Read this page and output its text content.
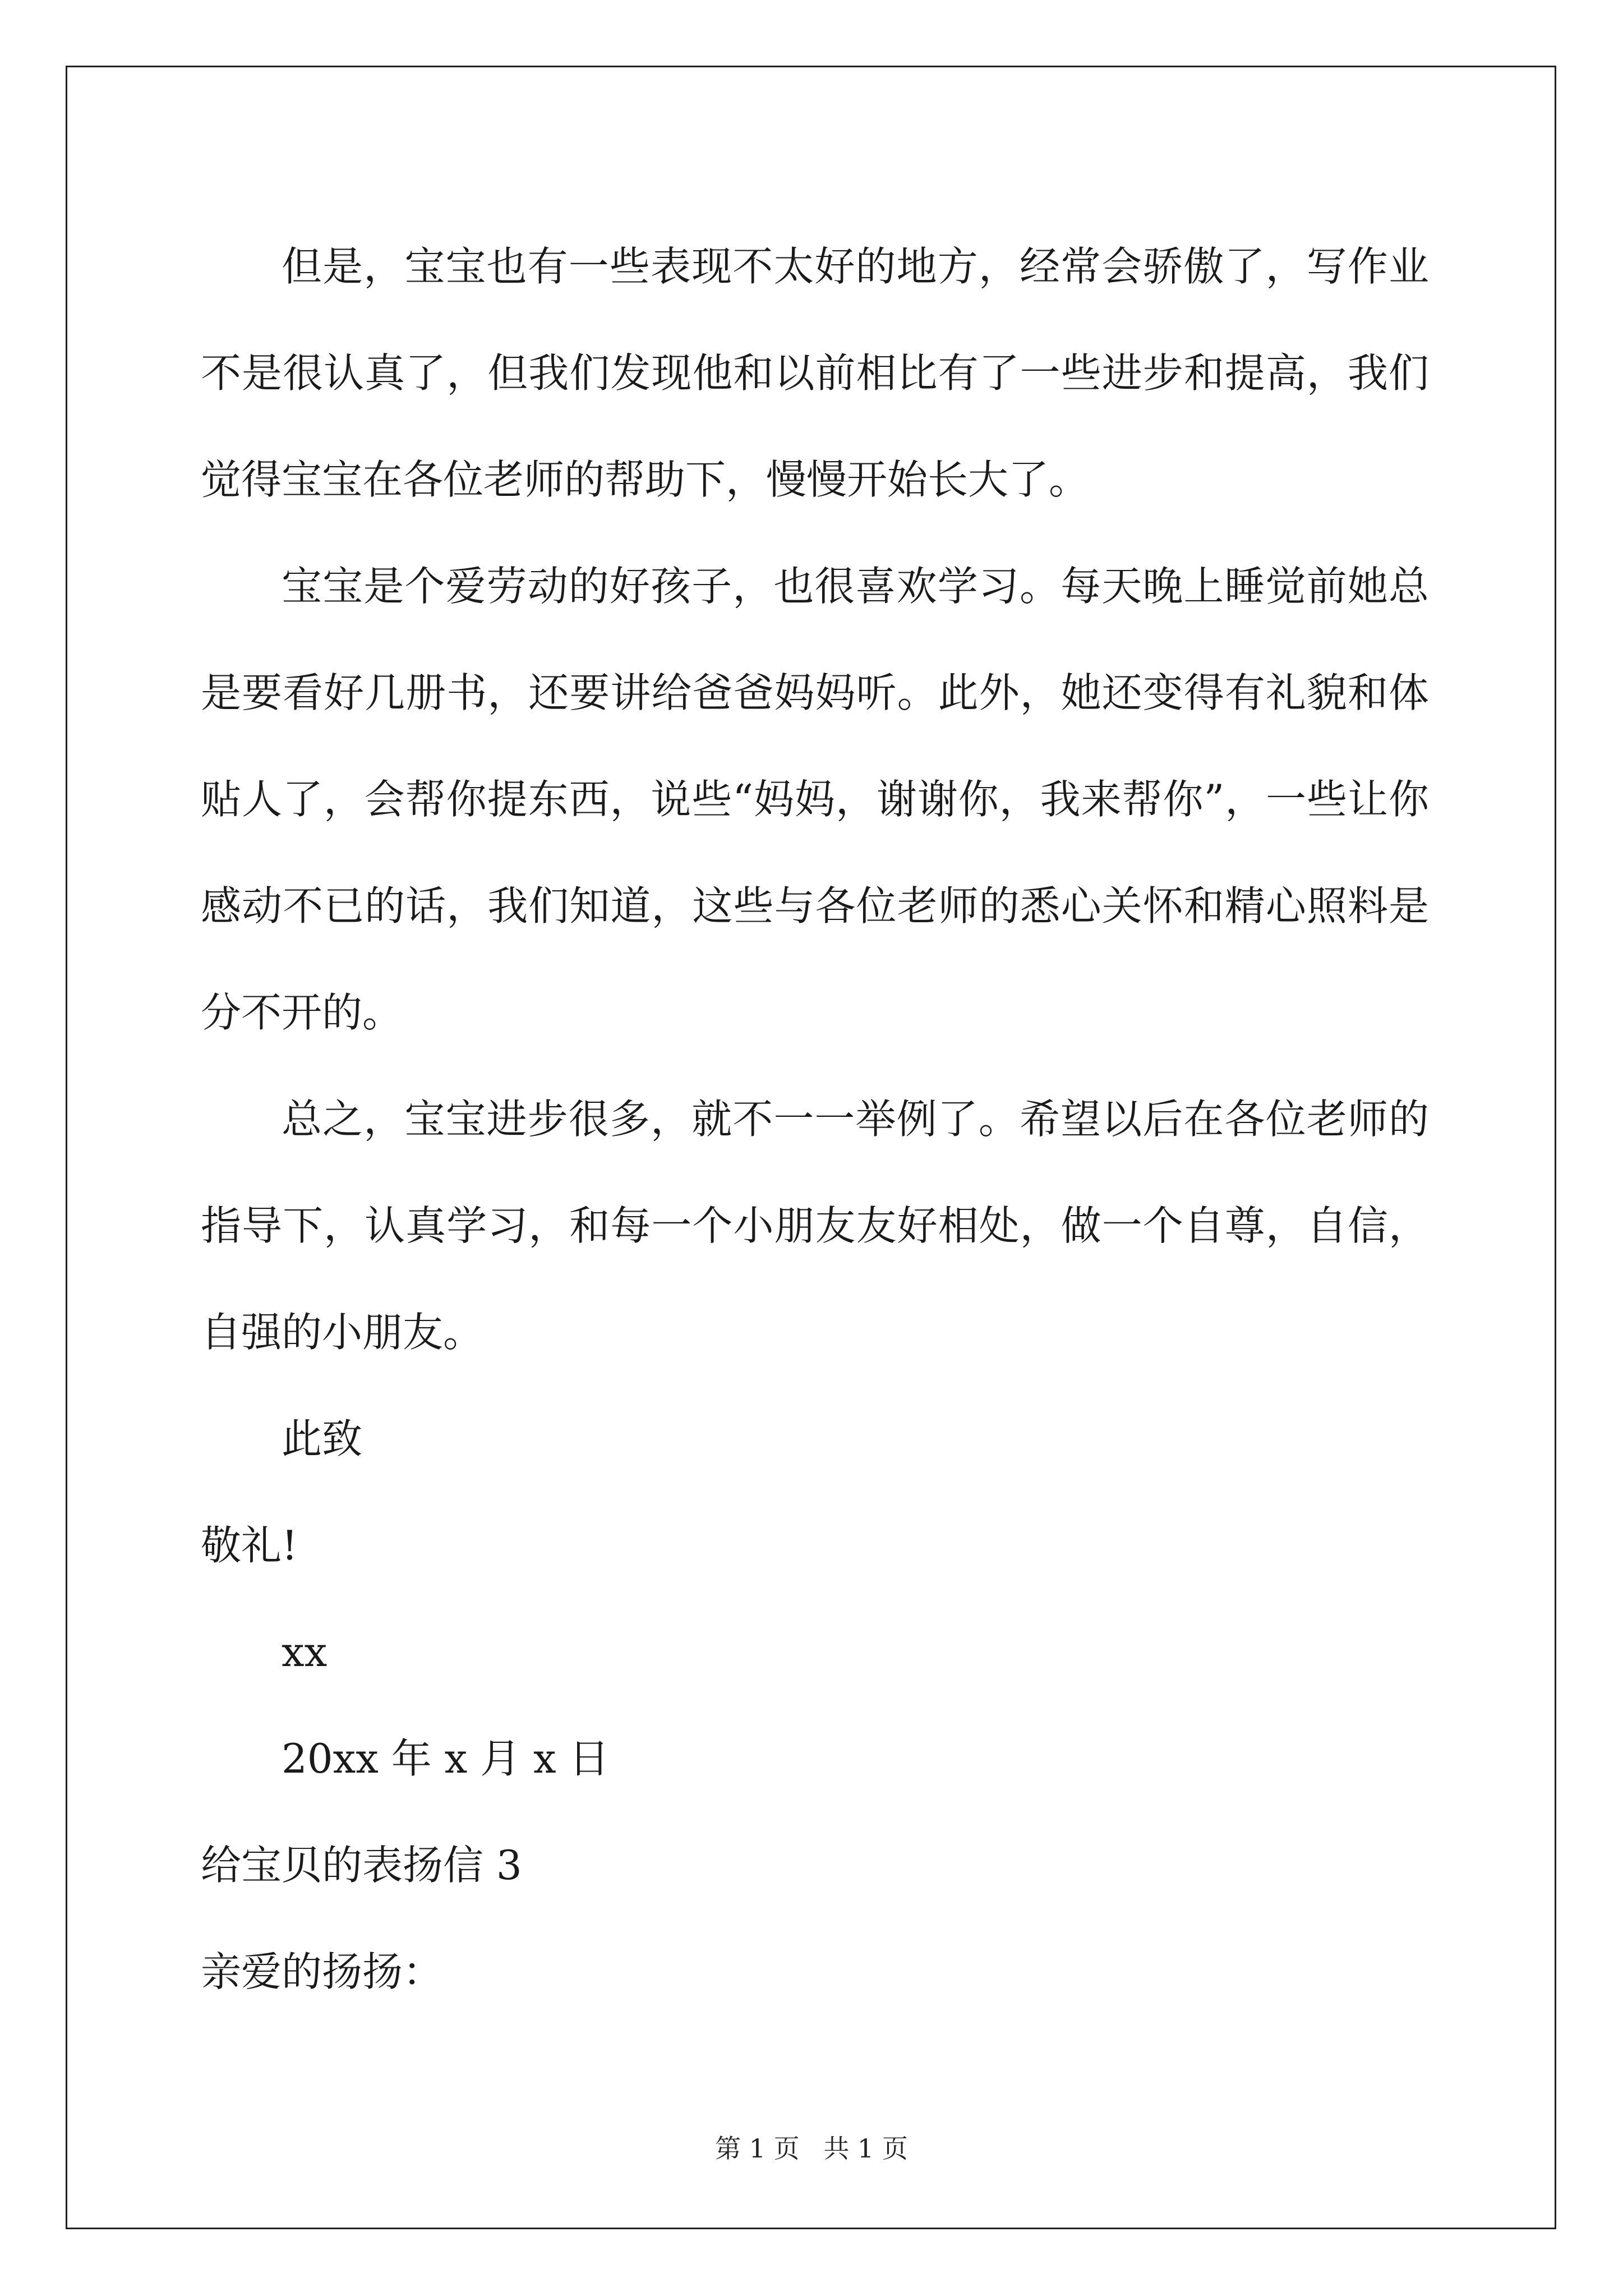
但是，宝宝也有一些表现不太好的地方，经常会骄傲了，写作业不是很认真了，但我们发现他和以前相比有了一些进步和提高，我们觉得宝宝在各位老师的帮助下，慢慢开始长大了。

宝宝是个爱劳动的好孩子，也很喜欢学习。每天晚上睡觉前她总是要看好几册书，还要讲给爸爸妈妈听。此外，她还变得有礼貌和体贴人了，会帮你提东西，说些“妈妈，谢谢你，我来帮你”，一些让你感动不已的话，我们知道，这些与各位老师的悉心关怀和精心照料是分不开的。

总之，宝宝进步很多，就不一一举例了。希望以后在各位老师的指导下，认真学习，和每一个小朋友友好相处，做一个自尊，自信，自强的小朋友。

此致

敬礼!

xx

20xx 年 x 月 x 日

给宝贝的表扬信 3

亲爱的扬扬：

第 1 页 共 1 页
